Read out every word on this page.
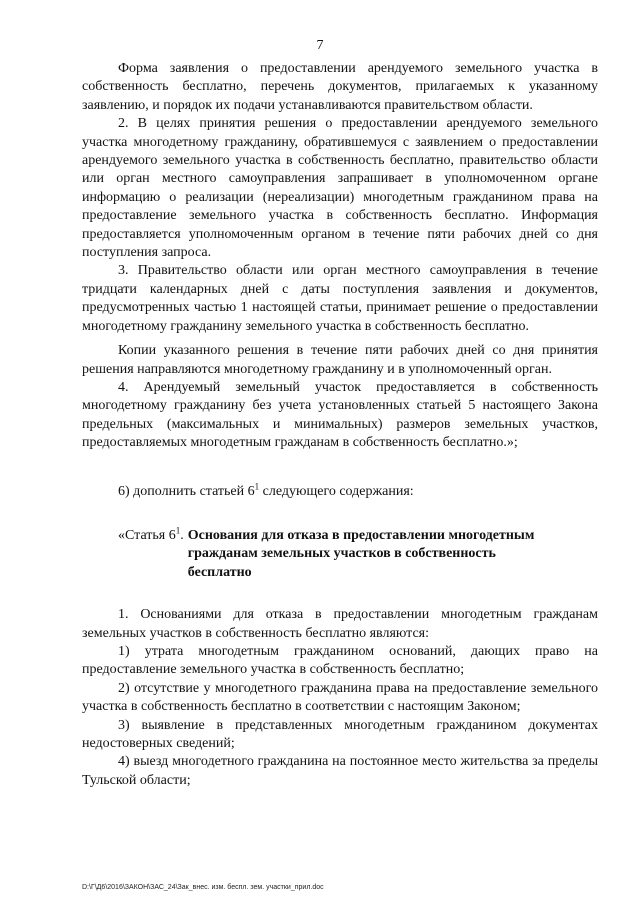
7

Форма заявления о предоставлении арендуемого земельного участка в собственность бесплатно, перечень документов, прилагаемых к указанному заявлению, и порядок их подачи устанавливаются правительством области.

2. В целях принятия решения о предоставлении арендуемого земельного участка многодетному гражданину, обратившемуся с заявлением о предоставлении арендуемого земельного участка в собственность бесплатно, правительство области или орган местного самоуправления запрашивает в уполномоченном органе информацию о реализации (нереализации) многодетным гражданином права на предоставление земельного участка в собственность бесплатно. Информация предоставляется уполномоченным органом в течение пяти рабочих дней со дня поступления запроса.

3. Правительство области или орган местного самоуправления в течение тридцати календарных дней с даты поступления заявления и документов, предусмотренных частью 1 настоящей статьи, принимает решение о предоставлении многодетному гражданину земельного участка в собственность бесплатно.

Копии указанного решения в течение пяти рабочих дней со дня принятия решения направляются многодетному гражданину и в уполномоченный орган.

4. Арендуемый земельный участок предоставляется в собственность многодетному гражданину без учета установленных статьей 5 настоящего Закона предельных (максимальных и минимальных) размеров земельных участков, предоставляемых многодетным гражданам в собственность бесплатно.»;

6) дополнить статьей $6^1$ следующего содержания:

«Статья $6^1$. Основания для отказа в предоставлении многодетным
гражданам земельных участков в собственность
бесплатно

1. Основаниями для отказа в предоставлении многодетным гражданам земельных участков в собственность бесплатно являются:

1) утрата многодетным гражданином оснований, дающих право на предоставление земельного участка в собственность бесплатно;

2) отсутствие у многодетного гражданина права на предоставление земельного участка в собственность бесплатно в соответствии с настоящим Законом;

3) выявление в представленных многодетным гражданином документах недостоверных сведений;

4) выезд многодетного гражданина на постоянное место жительства за пределы Тульской области;

D:\Г\Д6\2016\ЗАКОН\ЗАС_24\Зак_внес. изм. беспл. зем. участки_прил.doc
